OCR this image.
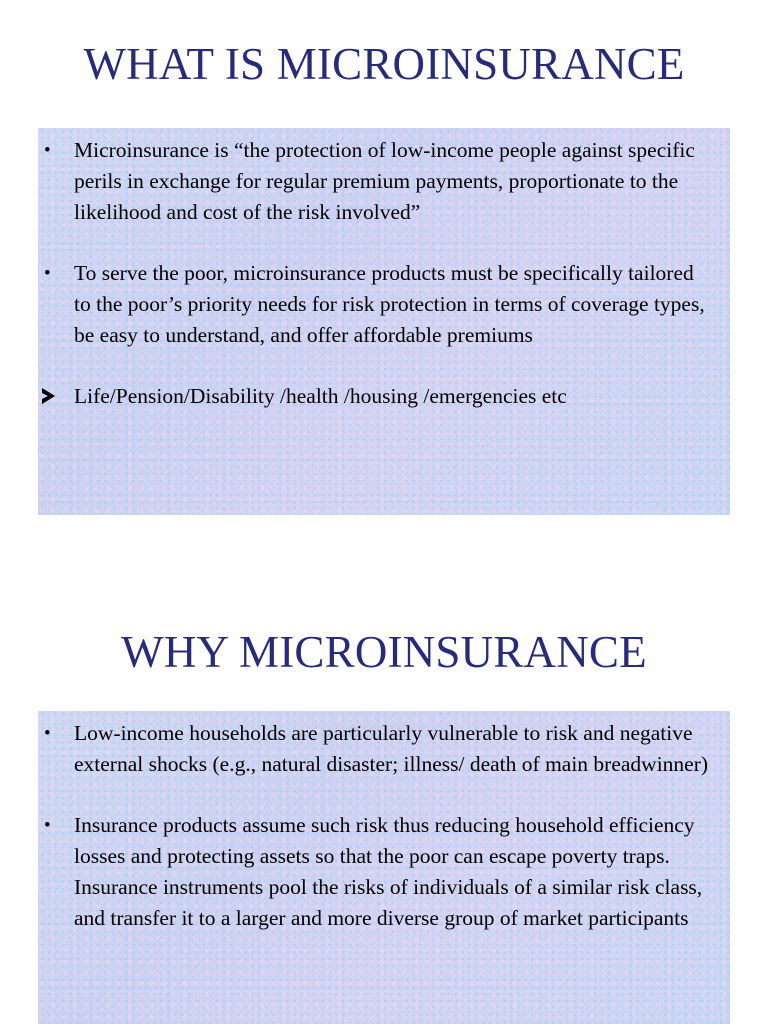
WHAT IS MICROINSURANCE
• Microinsurance is “the protection of low-income people against specific perils in exchange for regular premium payments, proportionate to the likelihood and cost of the risk involved”
• To serve the poor, microinsurance products must be specifically tailored to the poor’s priority needs for risk protection in terms of coverage types, be easy to understand, and offer affordable premiums
Life/Pension/Disability /health /housing /emergencies etc
WHY MICROINSURANCE
• Low-income households are particularly vulnerable to risk and negative external shocks (e.g., natural disaster; illness/ death of main breadwinner)
• Insurance products assume such risk thus reducing household efficiency losses and protecting assets so that the poor can escape poverty traps. Insurance instruments pool the risks of individuals of a similar risk class, and transfer it to a larger and more diverse group of market participants
